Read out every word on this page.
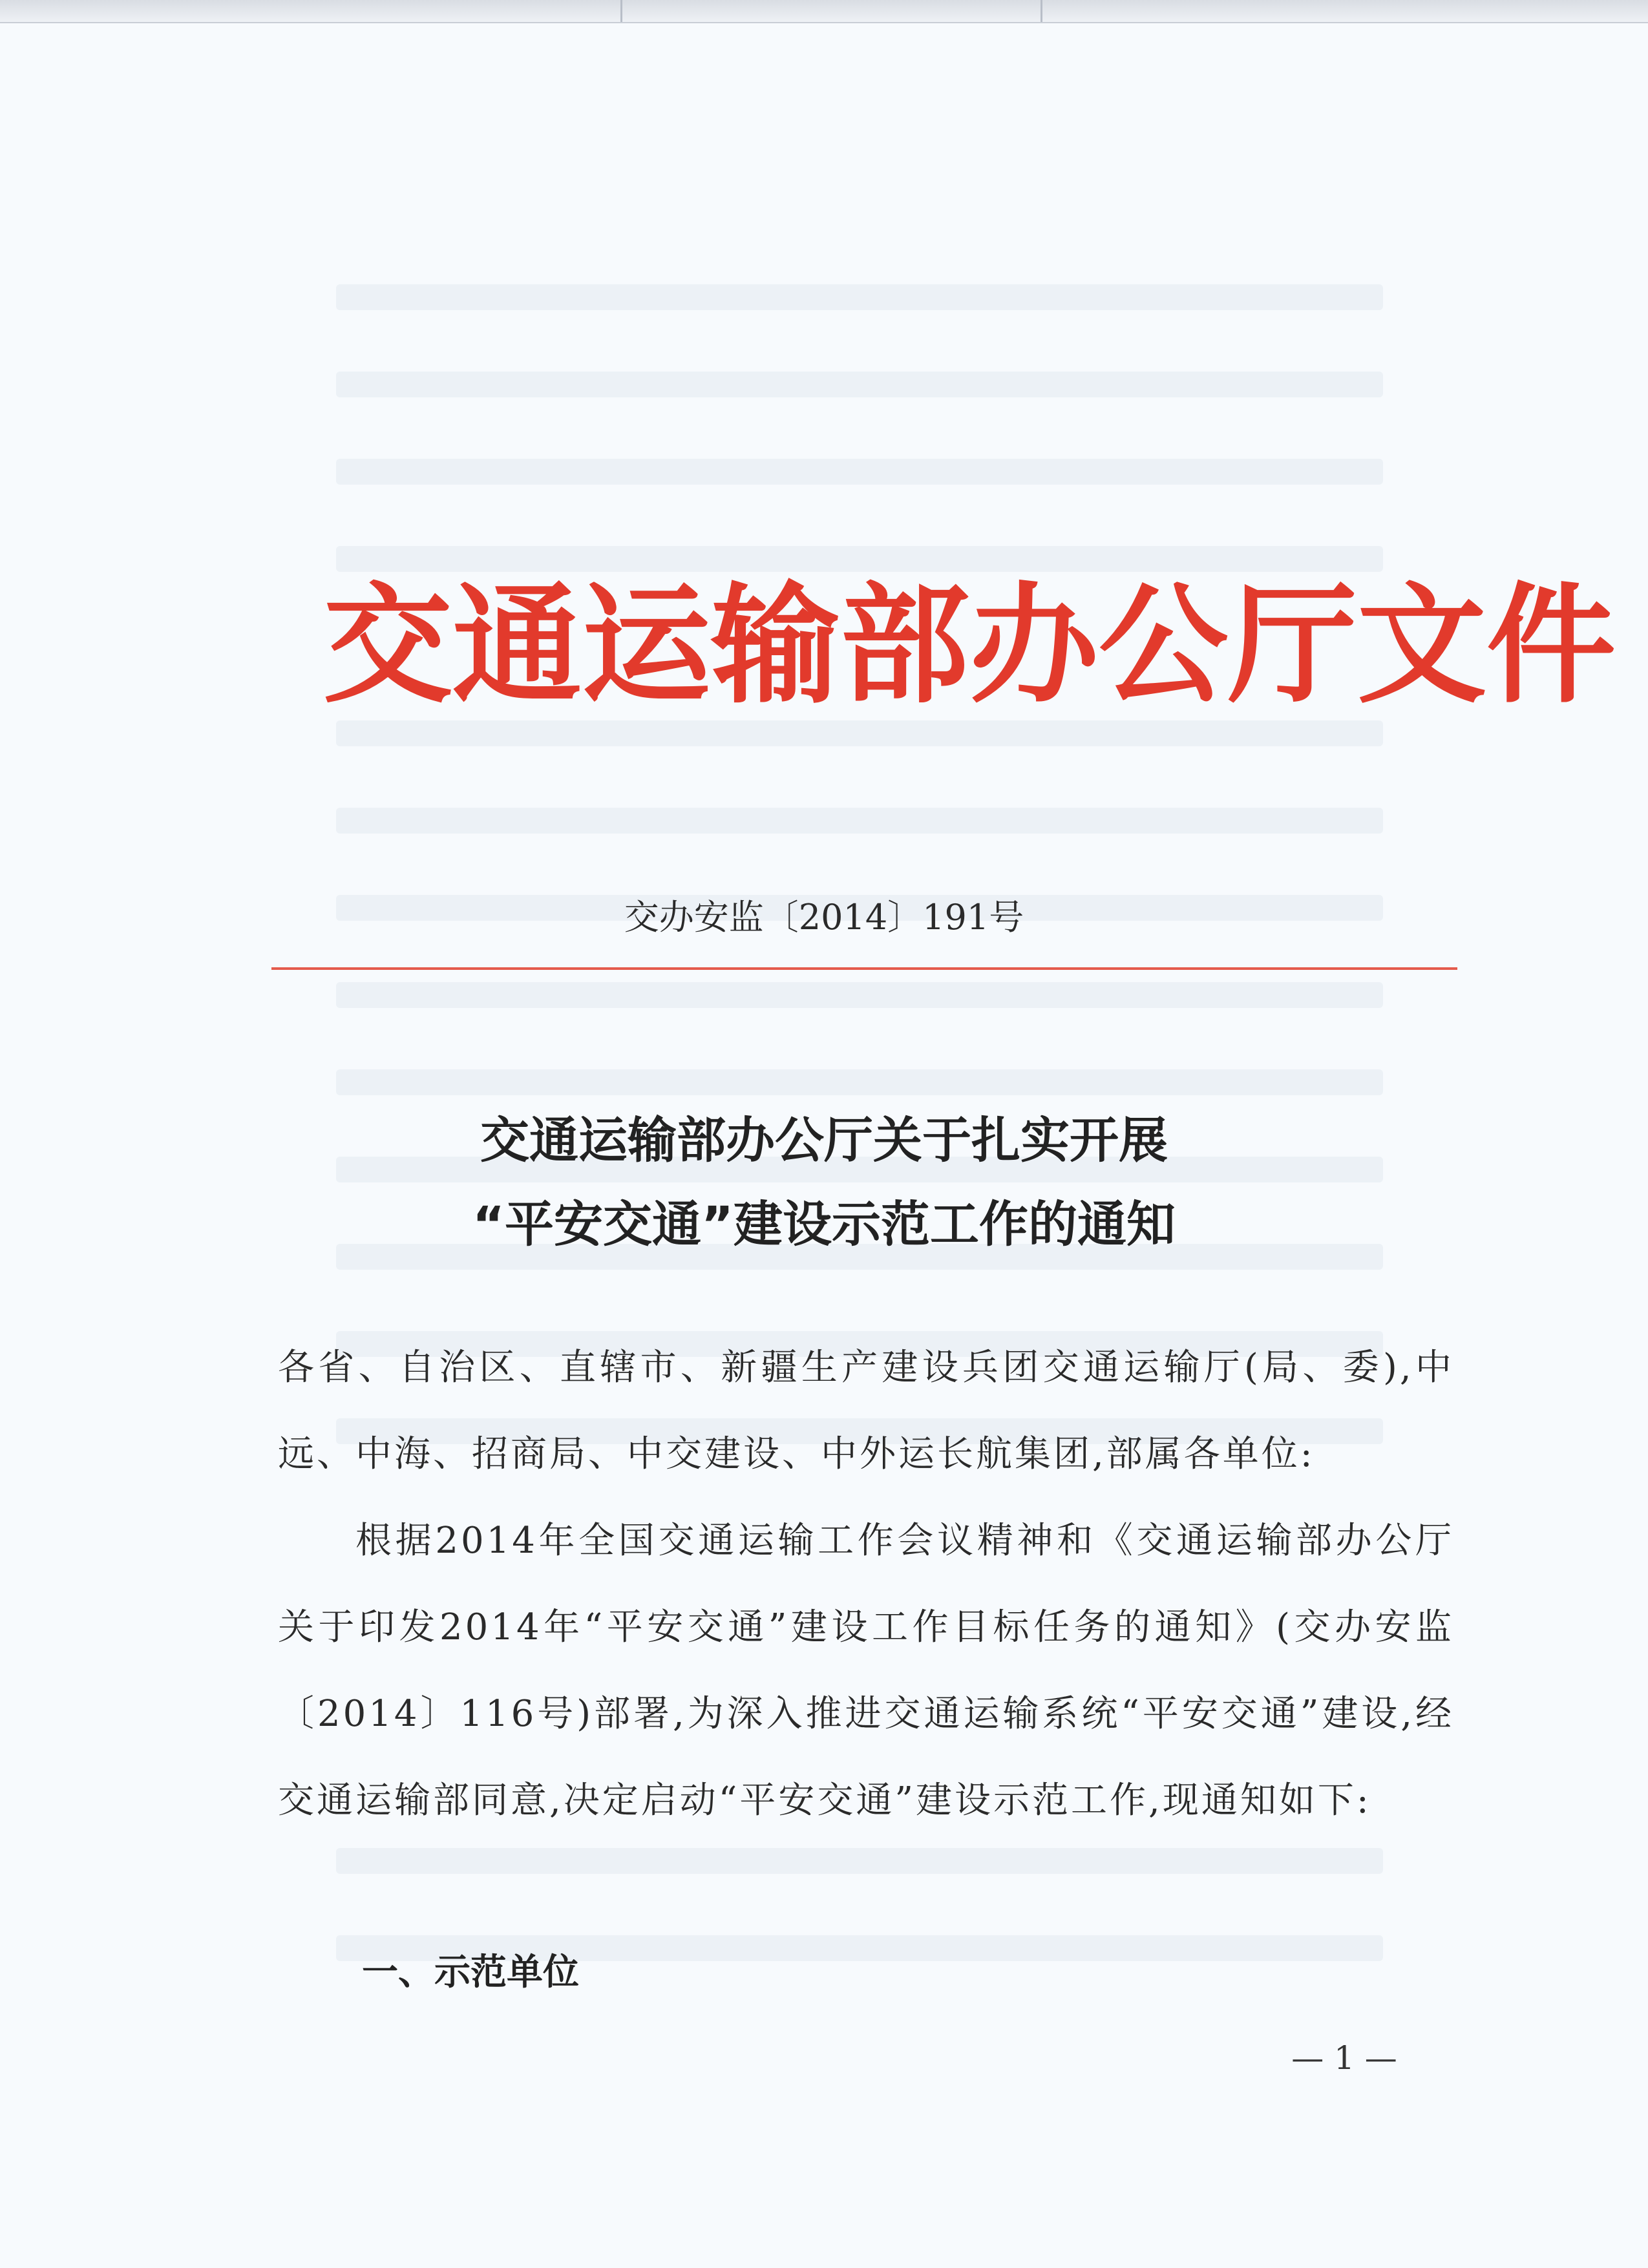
交通运输部办公厅文件
交办安监〔2014〕191号
交通运输部办公厅关于扎实开展
“平安交通”建设示范工作的通知

各省、自治区、直辖市、新疆生产建设兵团交通运输厅(局、委),中远、中海、招商局、中交建设、中外运长航集团,部属各单位:

根据2014年全国交通运输工作会议精神和《交通运输部办公厅关于印发2014年“平安交通”建设工作目标任务的通知》(交办安监〔2014〕116号)部署,为深入推进交通运输系统“平安交通”建设,经交通运输部同意,决定启动“平安交通”建设示范工作,现通知如下:

一、示范单位
— 1 —
